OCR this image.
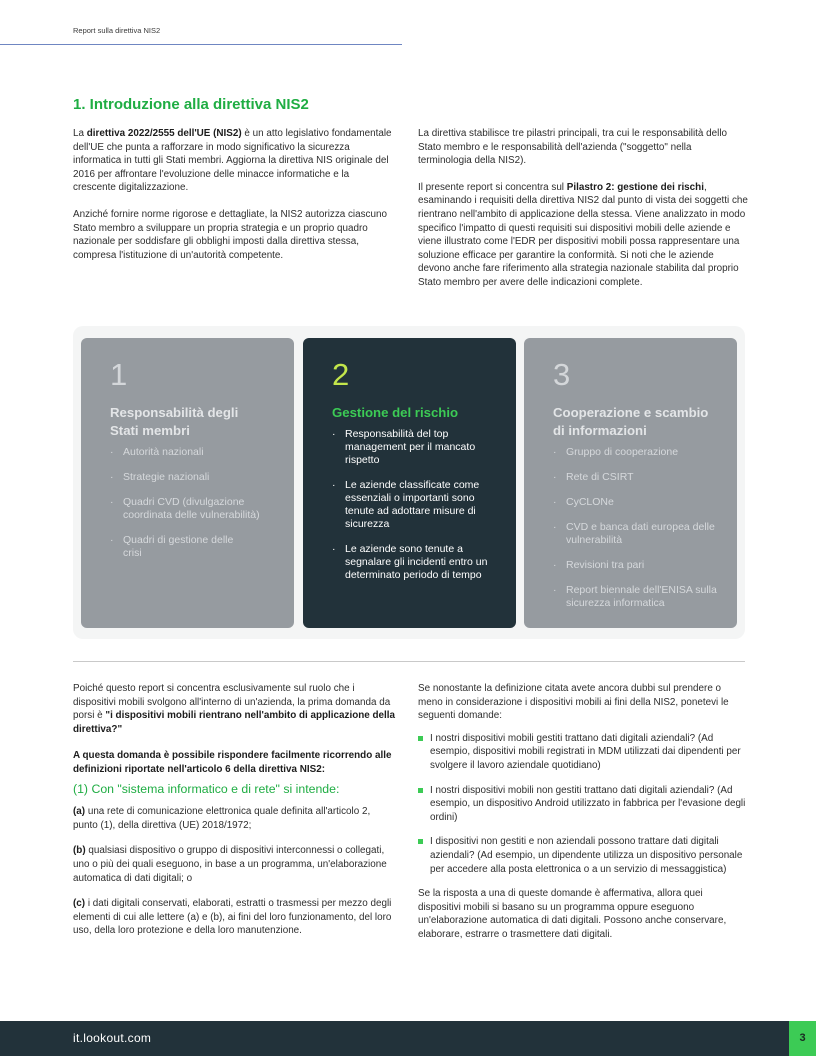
Report sulla direttiva NIS2
1. Introduzione alla direttiva NIS2

La direttiva 2022/2555 dell'UE (NIS2) è un atto legislativo fondamentale dell'UE che punta a rafforzare in modo significativo la sicurezza informatica in tutti gli Stati membri. Aggiorna la direttiva NIS originale del 2016 per affrontare l'evoluzione delle minacce informatiche e la crescente digitalizzazione.

Anziché fornire norme rigorose e dettagliate, la NIS2 autorizza ciascuno Stato membro a sviluppare un propria strategia e un proprio quadro nazionale per soddisfare gli obblighi imposti dalla direttiva stessa, compresa l'istituzione di un'autorità competente.

La direttiva stabilisce tre pilastri principali, tra cui le responsabilità dello Stato membro e le responsabilità dell'azienda ("soggetto" nella terminologia della NIS2).

Il presente report si concentra sul Pilastro 2: gestione dei rischi, esaminando i requisiti della direttiva NIS2 dal punto di vista dei soggetti che rientrano nell'ambito di applicazione della stessa. Viene analizzato in modo specifico l'impatto di questi requisiti sui dispositivi mobili delle aziende e viene illustrato come l'EDR per dispositivi mobili possa rappresentare una soluzione efficace per garantire la conformità. Si noti che le aziende devono anche fare riferimento alla strategia nazionale stabilita dal proprio Stato membro per avere delle indicazioni complete.

1
Responsabilità degli Stati membri
· Autorità nazionali
· Strategie nazionali
· Quadri CVD (divulgazione coordinata delle vulnerabilità)
· Quadri di gestione delle crisi
2
Gestione del rischio
· Responsabilità del top management per il mancato rispetto
· Le aziende classificate come essenziali o importanti sono tenute ad adottare misure di sicurezza
· Le aziende sono tenute a segnalare gli incidenti entro un determinato periodo di tempo
3
Cooperazione e scambio di informazioni
· Gruppo di cooperazione
· Rete di CSIRT
· CyCLONe
· CVD e banca dati europea delle vulnerabilità
· Revisioni tra pari
· Report biennale dell'ENISA sulla sicurezza informatica

Poiché questo report si concentra esclusivamente sul ruolo che i dispositivi mobili svolgono all'interno di un'azienda, la prima domanda da porsi è "i dispositivi mobili rientrano nell'ambito di applicazione della direttiva?"

A questa domanda è possibile rispondere facilmente ricorrendo alle definizioni riportate nell'articolo 6 della direttiva NIS2:

(1) Con "sistema informatico e di rete" si intende:
(a) una rete di comunicazione elettronica quale definita all'articolo 2, punto (1), della direttiva (UE) 2018/1972;
(b) qualsiasi dispositivo o gruppo di dispositivi interconnessi o collegati, uno o più dei quali eseguono, in base a un programma, un'elaborazione automatica di dati digitali; o
(c) i dati digitali conservati, elaborati, estratti o trasmessi per mezzo degli elementi di cui alle lettere (a) e (b), ai fini del loro funzionamento, del loro uso, della loro protezione e della loro manutenzione.

Se nonostante la definizione citata avete ancora dubbi sul prendere o meno in considerazione i dispositivi mobili ai fini della NIS2, ponetevi le seguenti domande:

I nostri dispositivi mobili gestiti trattano dati digitali aziendali? (Ad esempio, dispositivi mobili registrati in MDM utilizzati dai dipendenti per svolgere il lavoro aziendale quotidiano)
I nostri dispositivi mobili non gestiti trattano dati digitali aziendali? (Ad esempio, un dispositivo Android utilizzato in fabbrica per l'evasione degli ordini)
I dispositivi non gestiti e non aziendali possono trattare dati digitali aziendali? (Ad esempio, un dipendente utilizza un dispositivo personale per accedere alla posta elettronica o a un servizio di messaggistica)

Se la risposta a una di queste domande è affermativa, allora quei dispositivi mobili si basano su un programma oppure eseguono un'elaborazione automatica di dati digitali. Possono anche conservare, elaborare, estrarre o trasmettere dati digitali.

it.lookout.com	3
